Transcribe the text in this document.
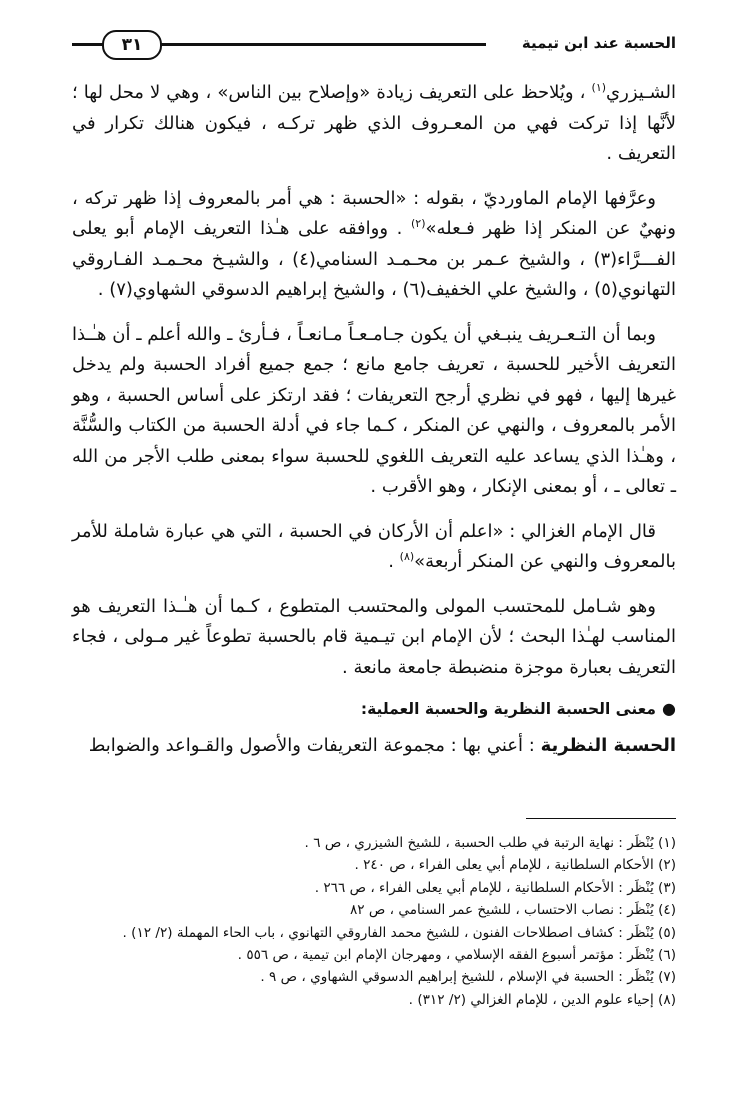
٣١	الحسبة عند ابن تيمية

الشـيزري$^{(١)}$ ، ويُلاحظ على التعريف زيادة «وإصلاح بين الناس» ، وهي لا محل لها ؛ لأنَّها إذا تركت فهي من المعـروف الذي ظهر تركـه ، فيكون هنالك تكرار في التعريف .

وعرَّفها الإمام الماورديّ ، بقوله : «الحسبة : هي أمر بالمعروف إذا ظهر تركه ، ونهيٌ عن المنكر إذا ظهر فـعله»$^{(٢)}$ . ووافقه على هـٰذا التعريف الإمام أبو يعلى الفـــرَّاء(٣) ، والشيخ عـمر بن محـمـد السنامي(٤) ، والشيـخ محـمـد الفـاروقي التهانوي(٥) ، والشيخ علي الخفيف(٦) ، والشيخ إبراهيم الدسوقي الشهاوي(٧) .

وبما أن التـعـريف ينبـغي أن يكون جـامـعـاً مـانعـاً ، فـأرئ ـ والله أعلم ـ أن هـٰـذا التعريف الأخير للحسبة ، تعريف جامع مانع ؛ جمع جميع أفراد الحسبة ولم يدخل غيرها إليها ، فهو في نظري أرجح التعريفات ؛ فقد ارتكز على أساس الحسبة ، وهو الأمر بالمعروف ، والنهي عن المنكر ، كـما جاء في أدلة الحسبة من الكتاب والسُّنَّة ، وهـٰذا الذي يساعد عليه التعريف اللغوي للحسبة سواء بمعنى طلب الأجر من الله ـ تعالى ـ ، أو بمعنى الإنكار ، وهو الأقرب .

قال الإمام الغزالي : «اعلم أن الأركان في الحسبة ، التي هي عبارة شاملة للأمر بالمعروف والنهي عن المنكر أربعة»$^{(٨)}$ .

وهو شـامل للمحتسب المولى والمحتسب المتطوع ، كـما أن هـٰـذا التعريف هو المناسب لهـٰذا البحث ؛ لأن الإمام ابن تيـمية قام بالحسبة تطوعاً غير مـولى ، فجاء التعريف بعبارة موجزة منضبطة جامعة مانعة .

●معنى الحسبة النظرية والحسبة العملية:

الحسبة النظرية : أعني بها : مجموعة التعريفات والأصول والقـواعد والضوابط

(١) يُنْظَر : نهاية الرتبة في طلب الحسبة ، للشيخ الشيزري ، ص ٦ .
(٢) الأحكام السلطانية ، للإمام أبي يعلى الفراء ، ص ٢٤٠ .
(٣) يُنْظَر : الأحكام السلطانية ، للإمام أبي يعلى الفراء ، ص ٢٦٦ .
(٤) يُنْظَر : نصاب الاحتساب ، للشيخ عمر السنامي ، ص ٨٢
(٥) يُنْظَر : كشاف اصطلاحات الفنون ، للشيخ محمد الفاروقي التهانوي ، باب الحاء المهملة (٢/ ١٢) .
(٦) يُنْظَر : مؤتمر أسبوع الفقه الإسلامي ، ومهرجان الإمام ابن تيمية ، ص ٥٥٦ .
(٧) يُنْظَر : الحسبة في الإسلام ، للشيخ إبراهيم الدسوقي الشهاوي ، ص ٩ .
(٨) إحياء علوم الدين ، للإمام الغزالي (٢/ ٣١٢) .
